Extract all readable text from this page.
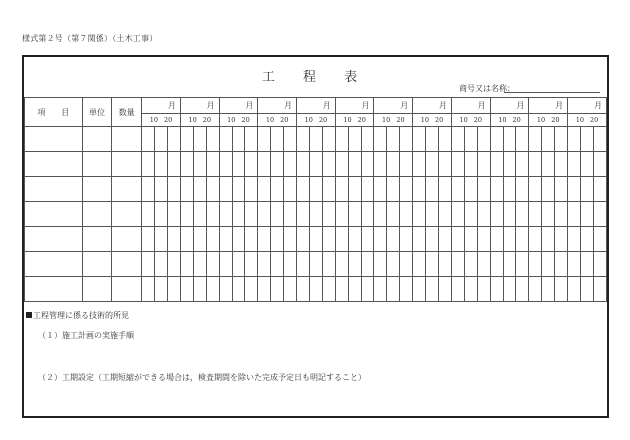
様式第２号（第７関係）（土木工事）
工 程 表
商号又は名称：
項　　目	単位	数量	月			月			月			月			月			月			月			月			月			月			月			月		
			10 20			10 20			10 20			10 20			10 20			10 20			10 20			10 20			10 20			10 20			10 20			10 20		

工程管理に係る技術的所見
（１）施工計画の実施手順
（２）工期設定（工期短縮ができる場合は，検査期間を除いた完成予定日も明記すること）
